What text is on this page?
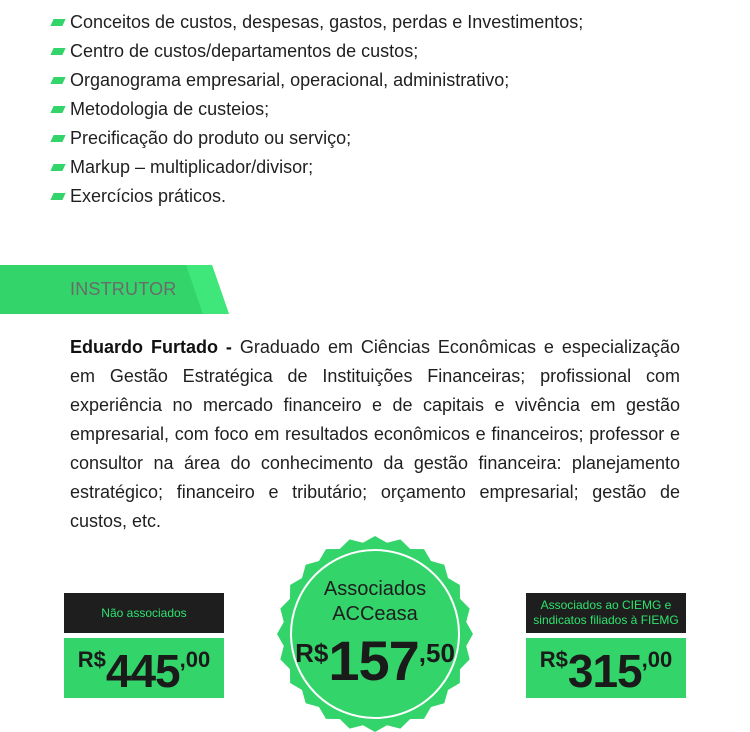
Conceitos de custos, despesas, gastos, perdas e Investimentos;
Centro de custos/departamentos de custos;
Organograma empresarial, operacional, administrativo;
Metodologia de custeios;
Precificação do produto ou serviço;
Markup – multiplicador/divisor;
Exercícios práticos.
INSTRUTOR

Eduardo Furtado - Graduado em Ciências Econômicas e especialização em Gestão Estratégica de Instituições Financeiras; profissional com experiência no mercado financeiro e de capitais e vivência em gestão empresarial, com foco em resultados econômicos e financeiros; professor e consultor na área do conhecimento da gestão financeira: planejamento estratégico; financeiro e tributário; orçamento empresarial; gestão de custos, etc.

Não associados
R$445,00
Associados
ACCeasa
R$157,50
Associados ao CIEMG e sindicatos filiados à FIEMG
R$315,00
